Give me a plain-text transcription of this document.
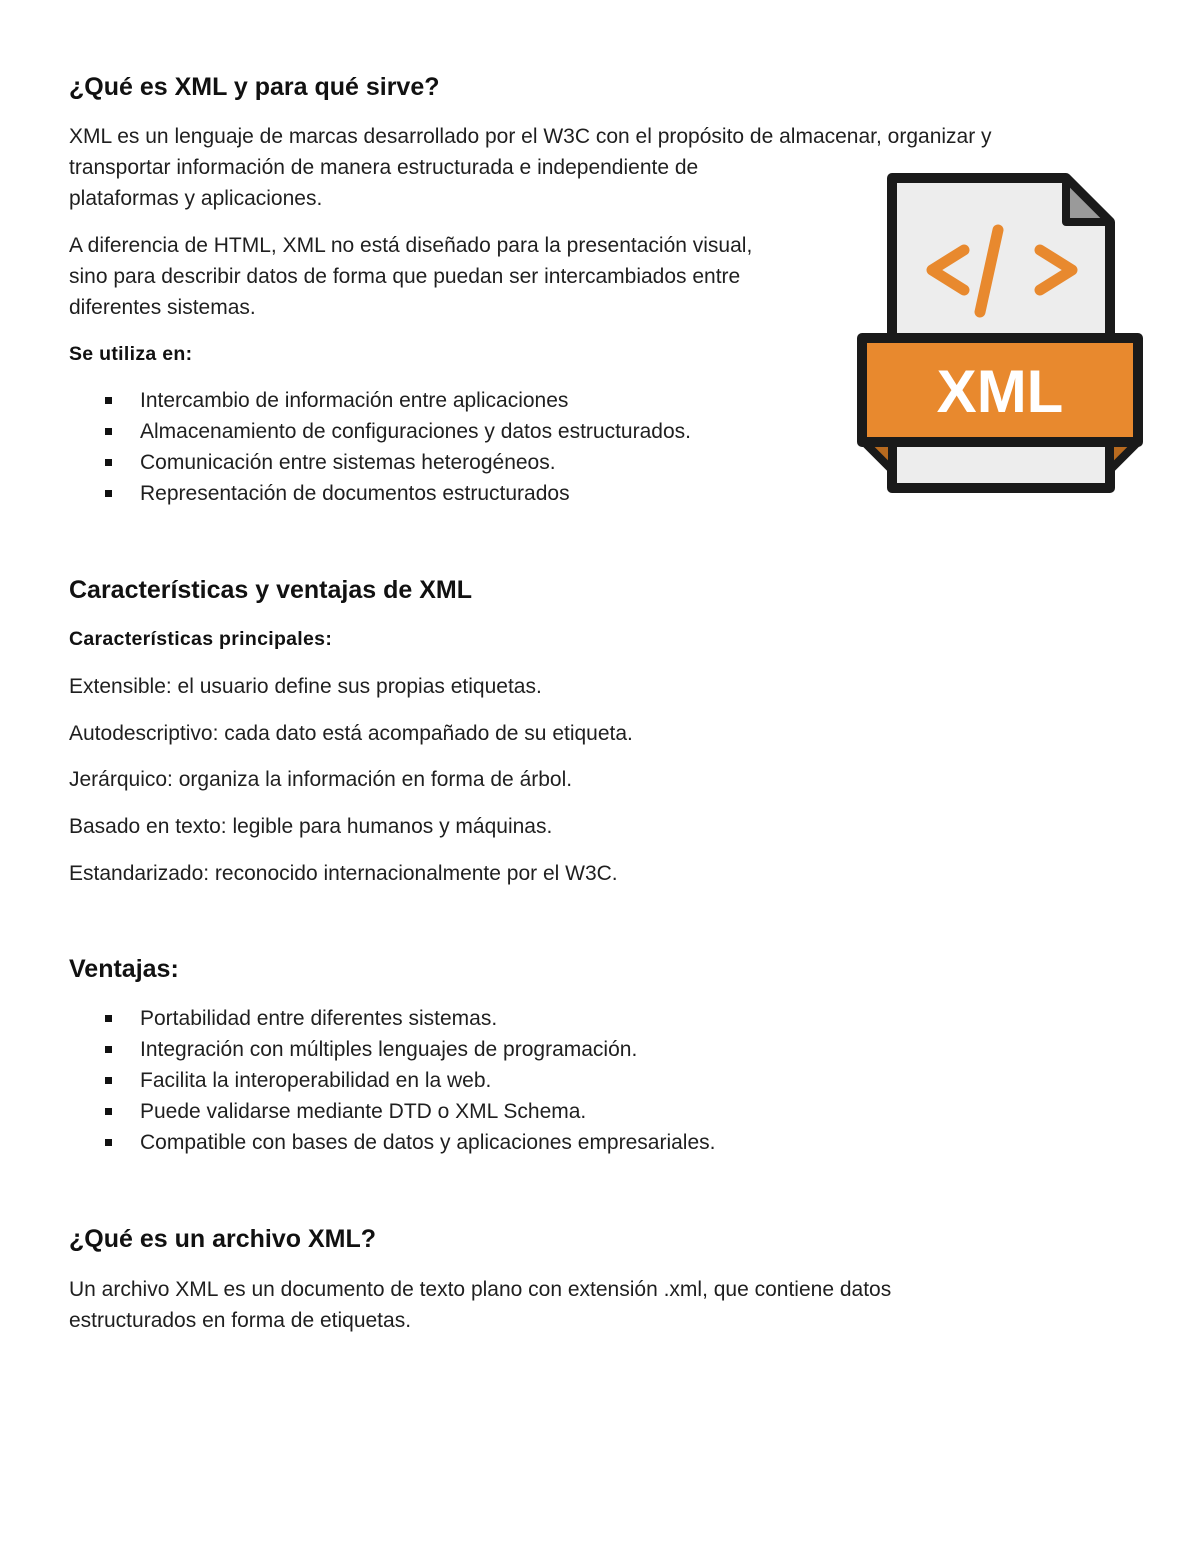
¿Qué es XML y para qué sirve?

XML es un lenguaje de marcas desarrollado por el W3C con el propósito de almacenar, organizar y

transportar información de manera estructurada e independiente de plataformas y aplicaciones.

A diferencia de HTML, XML no está diseñado para la presentación visual, sino para describir datos de forma que puedan ser intercambiados entre diferentes sistemas.

Se utiliza en:

Intercambio de información entre aplicaciones
Almacenamiento de configuraciones y datos estructurados.
Comunicación entre sistemas heterogéneos.
Representación de documentos estructurados
Características y ventajas de XML

Características principales:

Extensible: el usuario define sus propias etiquetas.

Autodescriptivo: cada dato está acompañado de su etiqueta.

Jerárquico: organiza la información en forma de árbol.

Basado en texto: legible para humanos y máquinas.

Estandarizado: reconocido internacionalmente por el W3C.

Ventajas:
Portabilidad entre diferentes sistemas.
Integración con múltiples lenguajes de programación.
Facilita la interoperabilidad en la web.
Puede validarse mediante DTD o XML Schema.
Compatible con bases de datos y aplicaciones empresariales.
¿Qué es un archivo XML?

Un archivo XML es un documento de texto plano con extensión .xml, que contiene datos estructurados en forma de etiquetas.

XML
